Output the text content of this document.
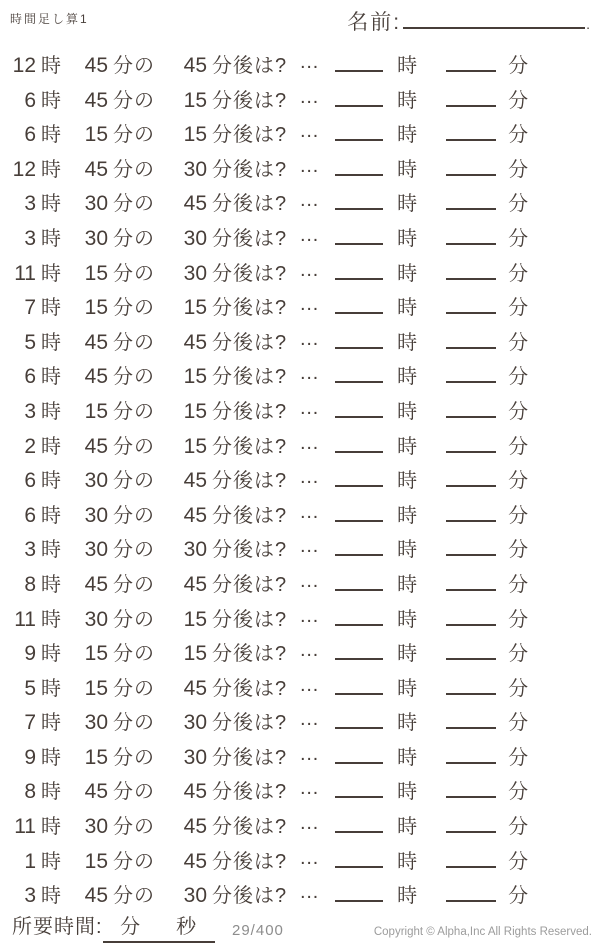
時間足し算1	名前:	.
12 時	45 分の	45 分後は? …	時	分
6 時	45 分の	15 分後は? …	時	分
6 時	15 分の	15 分後は? …	時	分
12 時	45 分の	30 分後は? …	時	分
3 時	30 分の	45 分後は? …	時	分
3 時	30 分の	30 分後は? …	時	分
11 時	15 分の	30 分後は? …	時	分
7 時	15 分の	15 分後は? …	時	分
5 時	45 分の	45 分後は? …	時	分
6 時	45 分の	15 分後は? …	時	分
3 時	15 分の	15 分後は? …	時	分
2 時	45 分の	15 分後は? …	時	分
6 時	30 分の	45 分後は? …	時	分
6 時	30 分の	45 分後は? …	時	分
3 時	30 分の	30 分後は? …	時	分
8 時	45 分の	45 分後は? …	時	分
11 時	30 分の	15 分後は? …	時	分
9 時	15 分の	15 分後は? …	時	分
5 時	15 分の	45 分後は? …	時	分
7 時	30 分の	30 分後は? …	時	分
9 時	15 分の	30 分後は? …	時	分
8 時	45 分の	45 分後は? …	時	分
11 時	30 分の	45 分後は? …	時	分
1 時	15 分の	45 分後は? …	時	分
3 時	45 分の	30 分後は? …	時	分
所要時間: 分 秒 29/400	Copyright © Alpha,Inc All Rights Reserved.
